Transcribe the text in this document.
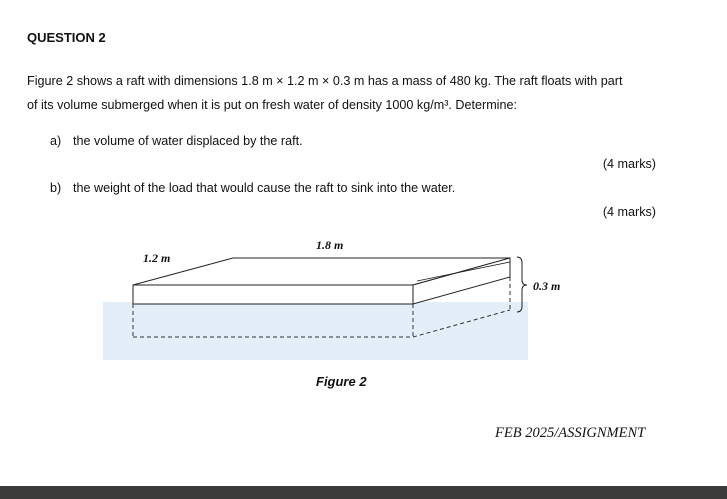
QUESTION 2
Figure 2 shows a raft with dimensions 1.8 m × 1.2 m × 0.3 m has a mass of 480 kg. The raft floats with part
of its volume submerged when it is put on fresh water of density 1000 kg/m³. Determine:
a) the volume of water displaced by the raft.
(4 marks)
b) the weight of the load that would cause the raft to sink into the water.
(4 marks)
1.8 m
1.2 m
0.3 m
Figure 2
FEB 2025/ASSIGNMENT
